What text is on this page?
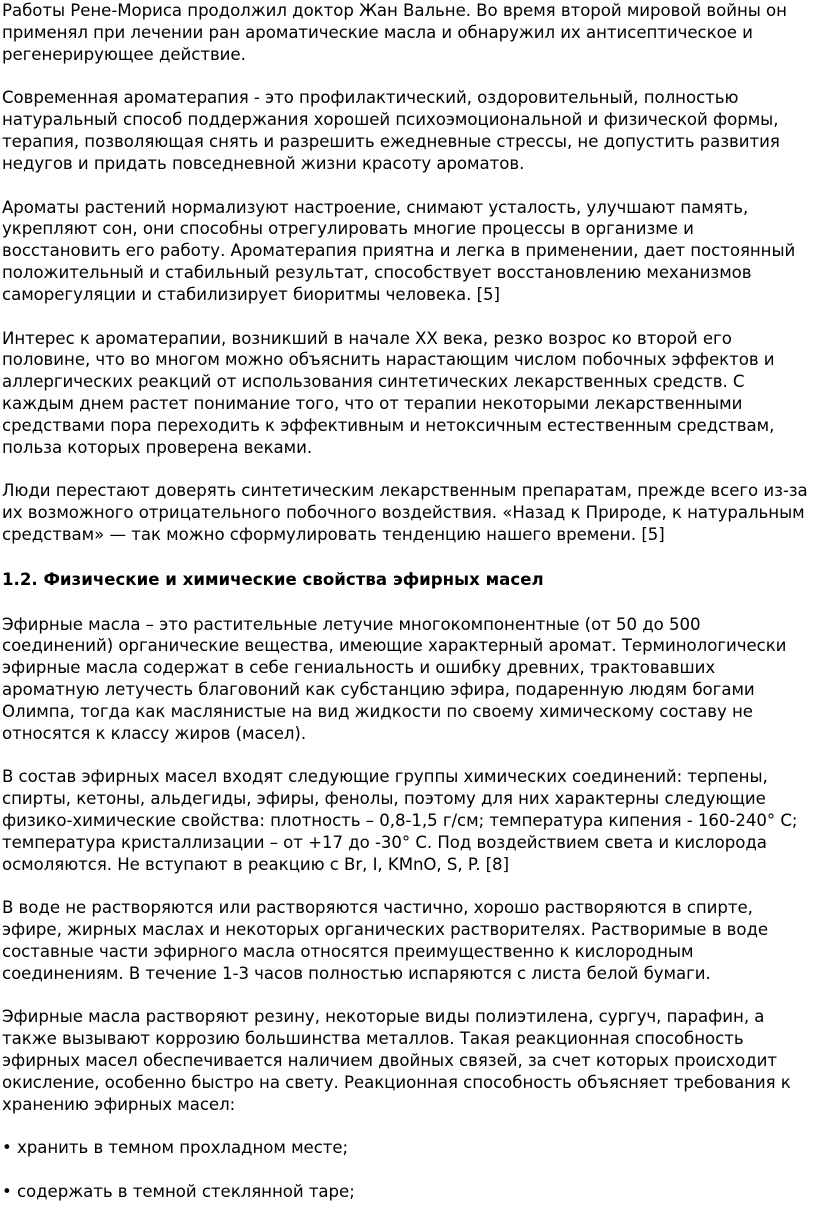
Работы Рене-Мориса продолжил доктор Жан Вальне. Во время второй мировой войны он применял при лечении ран ароматические масла и обнаружил их антисептическое и регенерирующее действие.

Современная ароматерапия - это профилактический, оздоровительный, полностью натуральный способ поддержания хорошей психоэмоциональной и физической формы, терапия, позволяющая снять и разрешить ежедневные стрессы, не допустить развития недугов и придать повседневной жизни красоту ароматов.

Ароматы растений нормализуют настроение, снимают усталость, улучшают память, укрепляют сон, они способны отрегулировать многие процессы в организме и восстановить его работу. Ароматерапия приятна и легка в применении, дает постоянный положительный и стабильный результат, способствует восстановлению механизмов саморегуляции и стабилизирует биоритмы человека. [5]

Интерес к ароматерапии, возникший в начале XX века, резко возрос ко второй его половине, что во многом можно объяснить нарастающим числом побочных эффектов и аллергических реакций от использования синтетических лекарственных средств. С каждым днем растет понимание того, что от терапии некоторыми лекарственными средствами пора переходить к эффективным и нетоксичным естественным средствам, польза которых проверена веками.

Люди перестают доверять синтетическим лекарственным препаратам, прежде всего из-за их возможного отрицательного побочного воздействия. «Назад к Природе, к натуральным средствам» — так можно сформулировать тенденцию нашего времени. [5]

1.2. Физические и химические свойства эфирных масел

Эфирные масла – это растительные летучие многокомпонентные (от 50 до 500 соединений) органические вещества, имеющие характерный аромат. Терминологически эфирные масла содержат в себе гениальность и ошибку древних, трактовавших ароматную летучесть благовоний как субстанцию эфира, подаренную людям богами Олимпа, тогда как маслянистые на вид жидкости по своему химическому составу не относятся к классу жиров (масел).

В состав эфирных масел входят следующие группы химических соединений: терпены, спирты, кетоны, альдегиды, эфиры, фенолы, поэтому для них характерны следующие физико-химические свойства: плотность – 0,8-1,5 г/см; температура кипения - 160-240° С; температура кристаллизации – от +17 до -30° С. Под воздействием света и кислорода осмоляются. Не вступают в реакцию с Br, I, KMnO, S, P. [8]

В воде не растворяются или растворяются частично, хорошо растворяются в спирте, эфире, жирных маслах и некоторых органических растворителях. Растворимые в воде составные части эфирного масла относятся преимущественно к кислородным соединениям. В течение 1-3 часов полностью испаряются с листа белой бумаги.

Эфирные масла растворяют резину, некоторые виды полиэтилена, сургуч, парафин, а также вызывают коррозию большинства металлов. Такая реакционная способность эфирных масел обеспечивается наличием двойных связей, за счет которых происходит окисление, особенно быстро на свету. Реакционная способность объясняет требования к хранению эфирных масел:

• хранить в темном прохладном месте;

• содержать в темной стеклянной таре;
